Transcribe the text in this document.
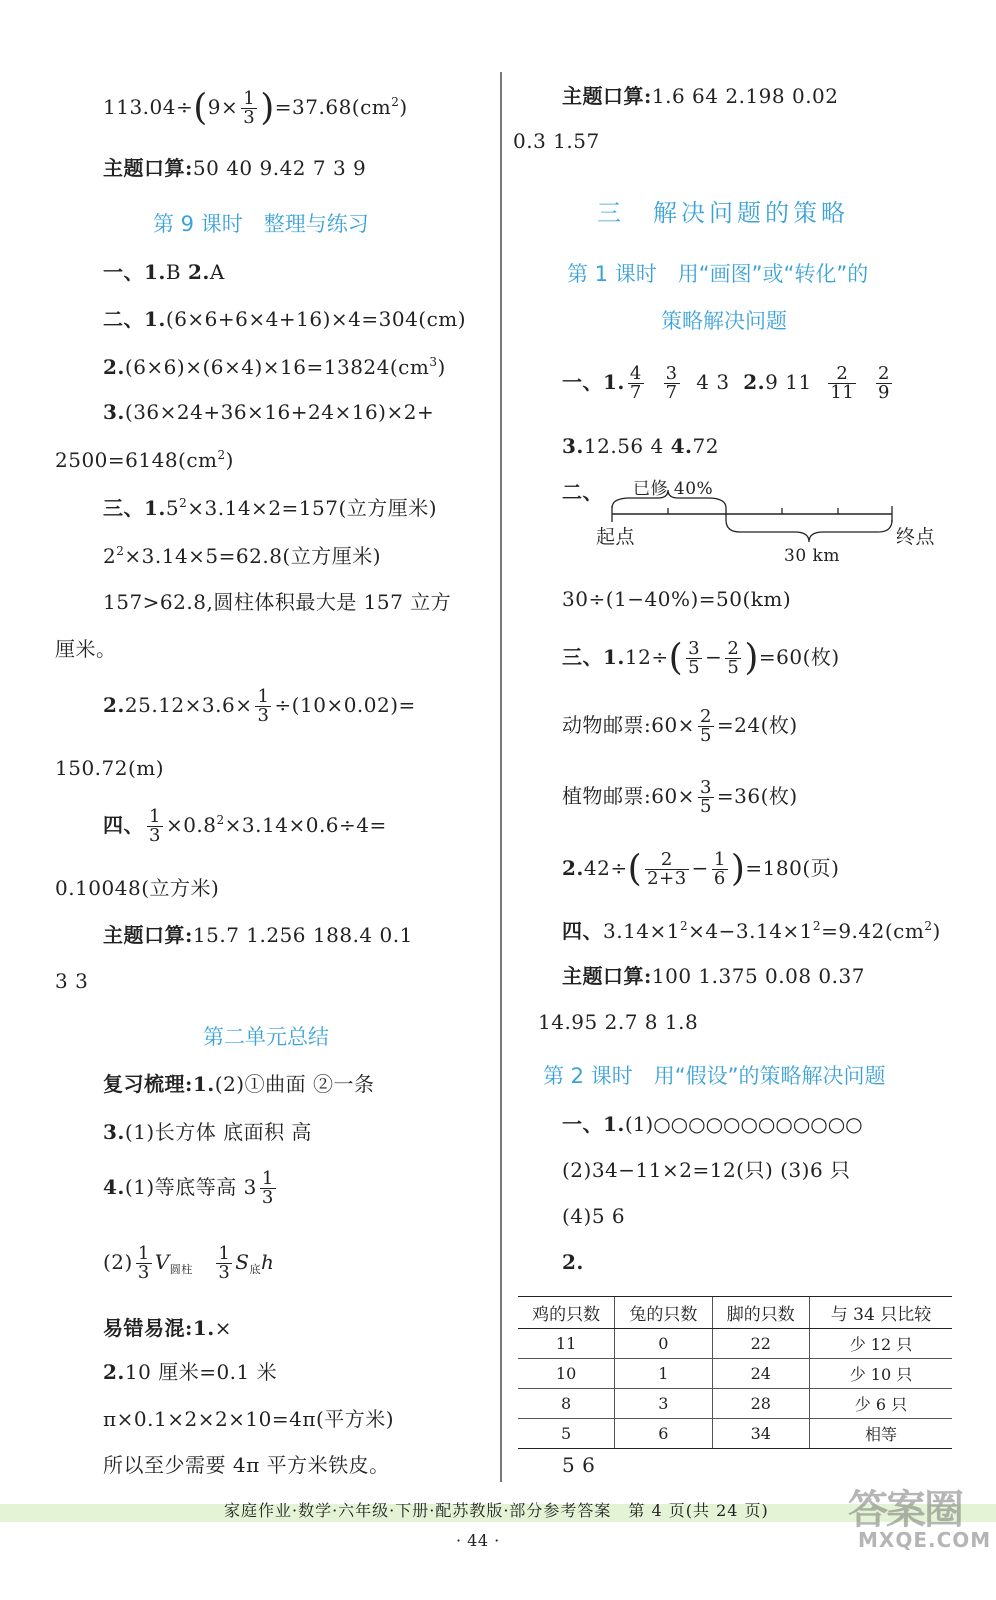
$113.04\div(9\times \frac{1}{3} )=37.68(cm^2)$
主题口算:50 40 9.42 7 3 9
第 9 课时　整理与练习
一、1.B 2.A
二、1.(6×6+6×4+16)×4=304(cm)
$2.(6\times 6)\times(6\times 4)\times 16=13824(cm^3)$
3.(36×24+36×16+24×16)×2+
$2500=6148(cm^2)$
三、$1.5^2\times 3.14\times 2=157$(立方厘米)
$2^2\times 3.14\times 5=62.8$(立方厘米)
157>62.8,圆柱体积最大是 157 立方
厘米。
$2.25.12\times 3.6\times \frac{1}{3} \div(10\times 0.02)=$
150.72(m)
四、 $\frac{1}{3} \times 0.8^2\times 3.14\times 0.6\div 4=$
0.10048(立方米)
主题口算:15.7 1.256 188.4 0.1
3 3
第二单元总结
复习梳理:1.(2)①曲面 ②一条
3.(1)长方体 底面积 高
4.(1)等底等高 $3 \frac{1}{3}$
$(2) \frac{1}{3} V_{圆柱} \frac{1}{3} S_底h$
易错易混:1.×
2.10 厘米=0.1 米
π×0.1×2×2×10=4π(平方米)
所以至少需要 4π 平方米铁皮。
主题口算:1.6 64 2.198 0.02
0.3 1.57
三　解决问题的策略
第 1 课时　用“画图”或“转化”的
策略解决问题
一、1. $\frac{4}{7}$
$\frac{3}{7} 4$ 3 2.9 $11 \frac{2}{11}$
$\frac{2}{9}$
3.12.56 4 4.72
二、 已修 40%
起点	终点
30 km
30÷(1−40%)=50(km)
三、$1.12\div( \frac{3}{5} - \frac{2}{5} )=60$(枚)
动物邮票:60× $\frac{2}{5} =24$(枚)
植物邮票:60× $\frac{3}{5} =36$(枚)
$2.42\div( \frac{2}{2+3} - \frac{1}{6} )=180$(页)
四、$3.14\times 1^2\times 4-3.14\times 1^2=9.42(cm^2)$
主题口算:100 1.375 0.08 0.37
14.95 2.7 8 1.8
第 2 课时　用“假设”的策略解决问题
一、1.(1)○○○○○○○○○○○○
(2)34−11×2=12(只) (3)6 只
(4)5 6
2.
鸡的只数	兔的只数	脚的只数	与 34 只比较
11	0	22	少 12 只
10	1	24	少 10 只
8	3	28	少 6 只
5	6	34	相等
5 6
家庭作业·数学·六年级·下册·配苏教版·部分参考答案　第 4 页(共 24 页)
· 44 ·
答案圈
MXQE.COM
